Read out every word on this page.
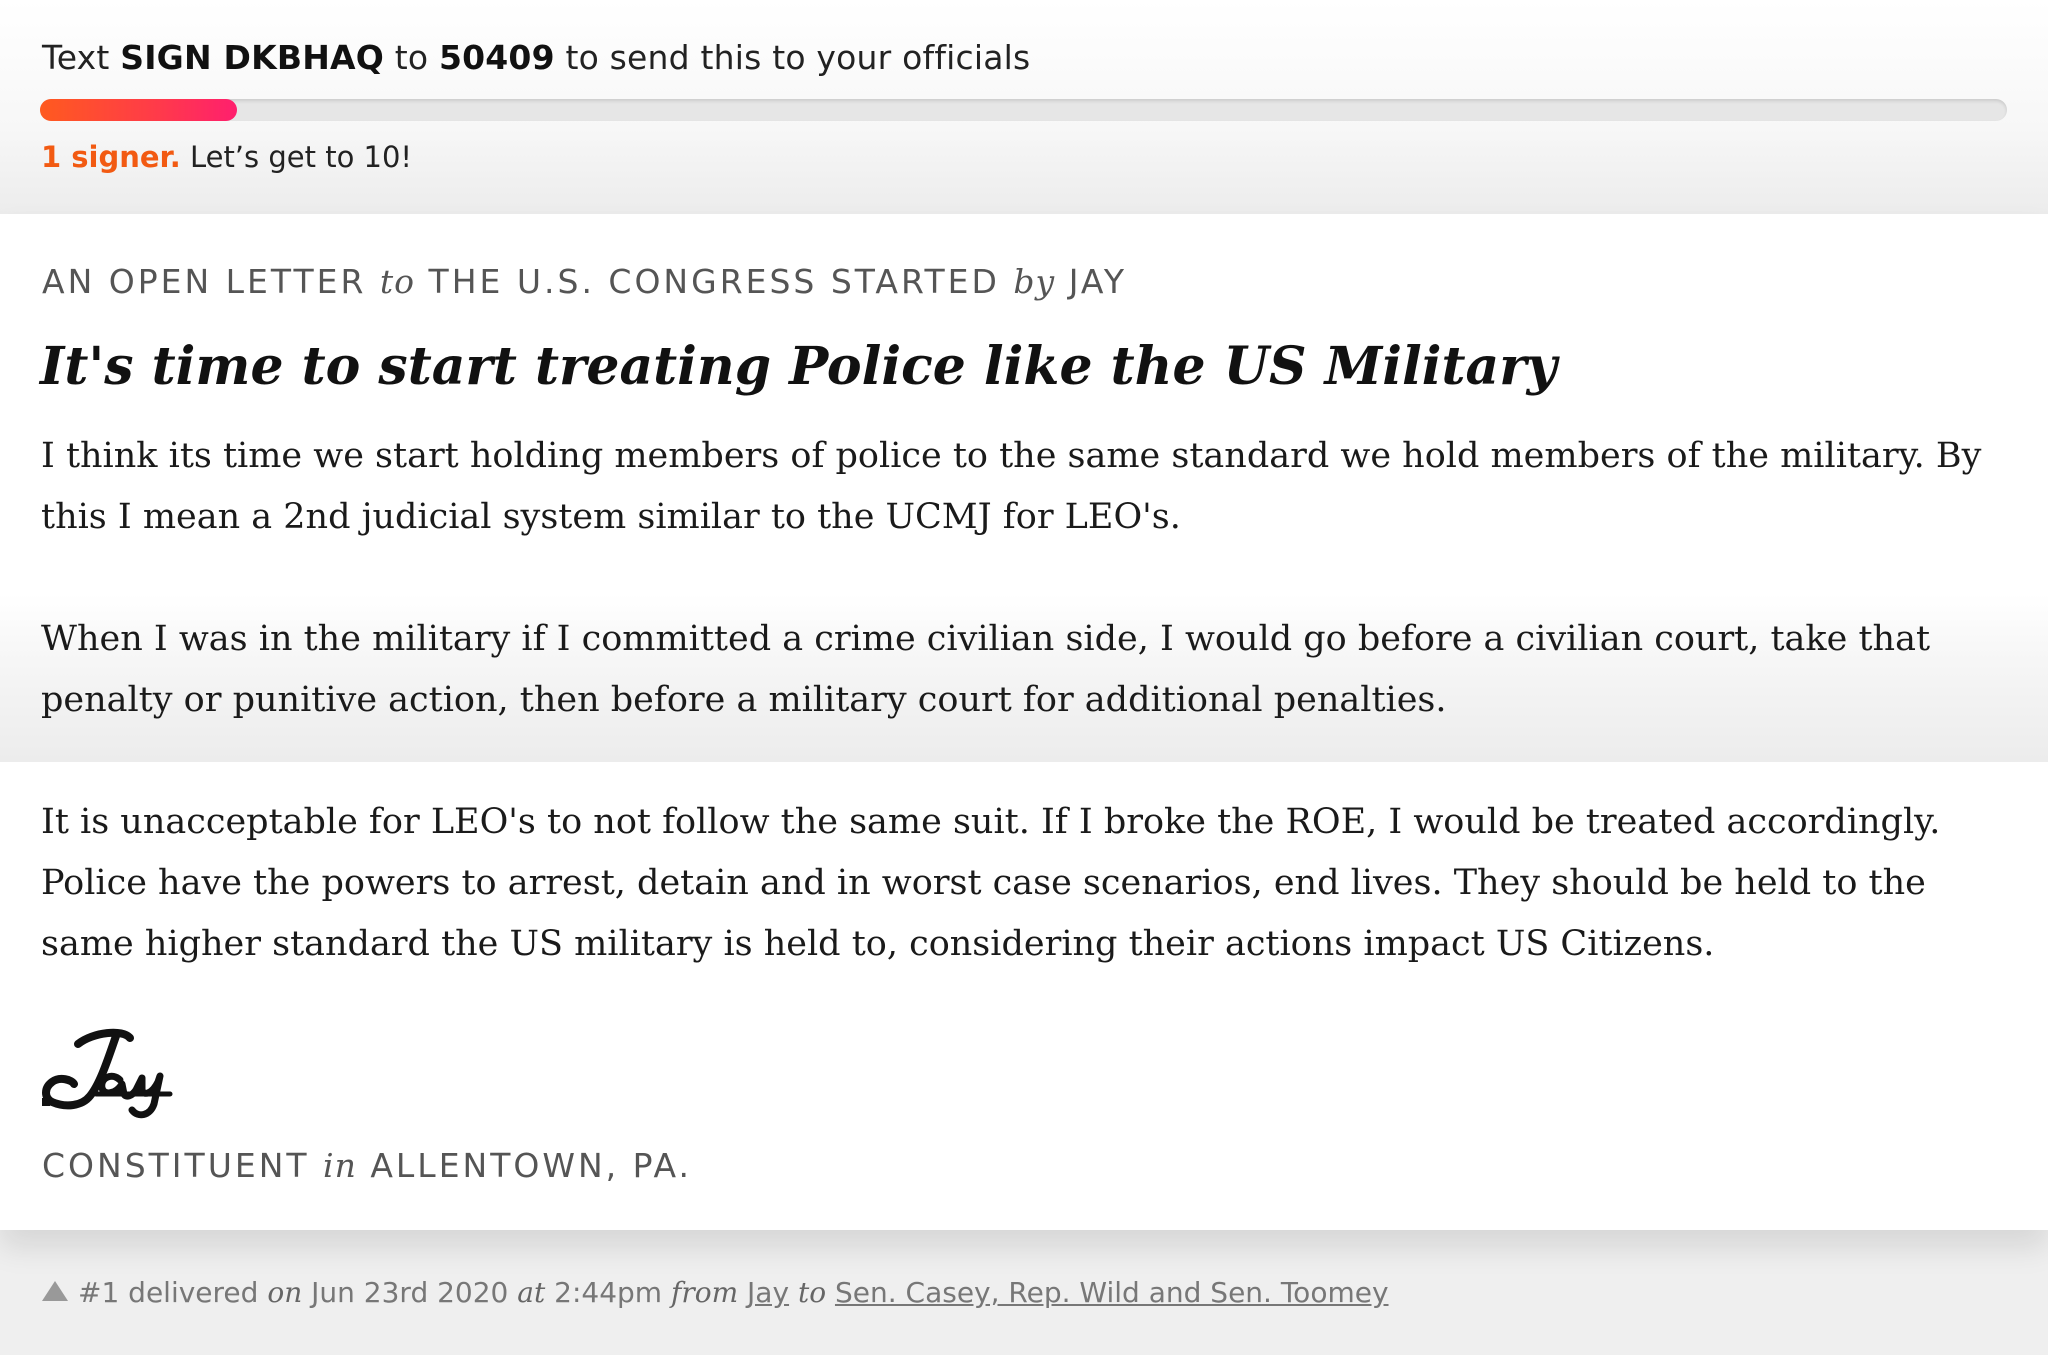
Text SIGN DKBHAQ to 50409 to send this to your officials
1 signer. Let’s get to 10!
AN OPEN LETTER to THE U.S. CONGRESS STARTED by JAY
It's time to start treating Police like the US Military

I think its time we start holding members of police to the same standard we hold members of the military. By this I mean a 2nd judicial system similar to the UCMJ for LEO's.

When I was in the military if I committed a crime civilian side, I would go before a civilian court, take that penalty or punitive action, then before a military court for additional penalties.

It is unacceptable for LEO's to not follow the same suit. If I broke the ROE, I would be treated accordingly. Police have the powers to arrest, detain and in worst case scenarios, end lives. They should be held to the same higher standard the US military is held to, considering their actions impact US Citizens.

CONSTITUENT in ALLENTOWN, PA.
#1 delivered on Jun 23rd 2020 at 2:44pm from Jay to Sen. Casey, Rep. Wild and Sen. Toomey
